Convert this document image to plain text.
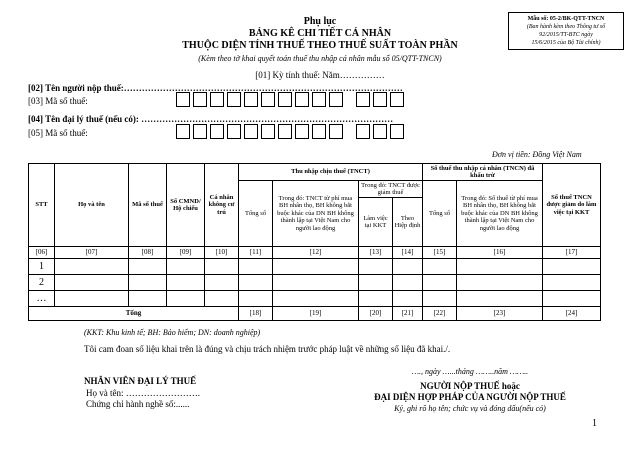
Phụ lục
BẢNG KÊ CHI TIẾT CÁ NHÂN
THUỘC DIỆN TÍNH THUẾ THEO THUẾ SUẤT TOÀN PHẦN
(Kèm theo tờ khai quyết toán thuế thu nhập cá nhân mẫu số 05/QTT-TNCN)
[01] Kỳ tính thuế: Năm……………
Mẫu số: 05-2/BK-QTT-TNCN
(Ban hành kèm theo Thông tư số
92/2015/TT-BTC ngày
15/6/2015 của Bộ Tài chính)
[02] Tên người nộp thuế:…………………………………………………………………………………
[03] Mã số thuế:
[04] Tên đại lý thuế (nếu có): …………………………………………………………………………
[05] Mã số thuế:
Đơn vị tiền: Đồng Việt Nam
STT	Họ và tên	Mã số thuế	Số CMND/ Hộ chiếu	Cá nhân không cư trú	Thu nhập chịu thuế (TNCT)				Số thuế thu nhập cá nhân (TNCN) đã khấu trừ		Số thuế TNCN được giảm do làm việc tại KKT
					Tổng số	Trong đó: TNCT từ phí mua BH nhân thọ, BH không bắt buộc khác của DN BH không thành lập tại Việt Nam cho người lao động	Trong đó: TNCT được giảm thuế		Tổng số	Trong đó: Số thuế từ phí mua BH nhân thọ, BH không bắt buộc khác của DN BH không thành lập tại Việt Nam cho người lao động	
							Làm việc tại KKT	Theo Hiệp định			
[06]	[07]	[08]	[09]	[10]	[11]	[12]	[13]	[14]	[15]	[16]	[17]
1											
2											
…											
Tổng					[18]	[19]	[20]	[21]	[22]	[23]	[24]
(KKT: Khu kinh tế; BH: Bảo hiểm; DN: doanh nghiệp)
Tôi cam đoan số liệu khai trên là đúng và chịu trách nhiệm trước pháp luật về những số liệu đã khai./.
NHÂN VIÊN ĐẠI LÝ THUẾ
Họ và tên: …………………….
Chứng chỉ hành nghề số:......
…., ngày …...tháng ……..năm ……..
NGƯỜI NỘP THUẾ hoặc
ĐẠI DIỆN HỢP PHÁP CỦA NGƯỜI NỘP THUẾ
Ký, ghi rõ họ tên; chức vụ và đóng dấu(nếu có)
1
